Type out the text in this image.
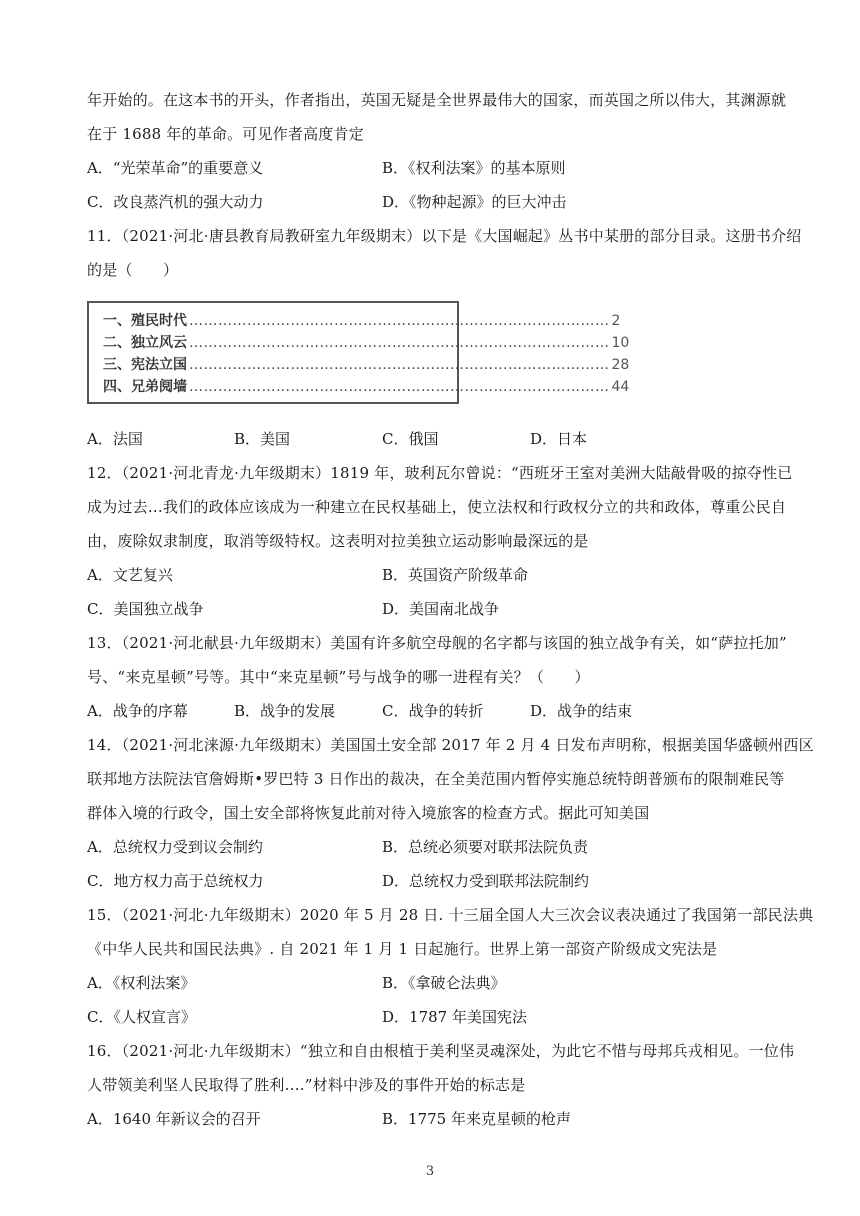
年开始的。在这本书的开头，作者指出，英国无疑是全世界最伟大的国家，而英国之所以伟大，其渊源就
在于 1688 年的革命。可见作者高度肯定
A．“光荣革命”的重要意义	B．《权利法案》的基本原则
C．改良蒸汽机的强大动力	D．《物种起源》的巨大冲击
11．（2021·河北·唐县教育局教研室九年级期末）以下是《大国崛起》丛书中某册的部分目录。这册书介绍
的是（　　）
一、殖民时代 …………………………………………………………………………… 2
二、独立风云 …………………………………………………………………………… 10
三、宪法立国 …………………………………………………………………………… 28
四、兄弟阋墙 …………………………………………………………………………… 44
A．法国	B．美国	C．俄国	D．日本
12．（2021·河北青龙·九年级期末）1819 年，玻利瓦尔曾说：“西班牙王室对美洲大陆敲骨吸的掠夺性已
成为过去…我们的政体应该成为一种建立在民权基础上，使立法权和行政权分立的共和政体，尊重公民自
由，废除奴隶制度，取消等级特权。这表明对拉美独立运动影响最深远的是
A．文艺复兴	B．英国资产阶级革命
C．美国独立战争	D．美国南北战争
13．（2021·河北献县·九年级期末）美国有许多航空母舰的名字都与该国的独立战争有关，如“萨拉托加”
号、“来克星顿”号等。其中“来克星顿”号与战争的哪一进程有关？（　　）
A．战争的序幕	B．战争的发展	C．战争的转折	D．战争的结束
14．（2021·河北涞源·九年级期末）美国国土安全部 2017 年 2 月 4 日发布声明称，根据美国华盛顿州西区
联邦地方法院法官詹姆斯•罗巴特 3 日作出的裁决，在全美范围内暂停实施总统特朗普颁布的限制难民等
群体入境的行政令，国土安全部将恢复此前对待入境旅客的检查方式。据此可知美国
A．总统权力受到议会制约	B．总统必须要对联邦法院负责
C．地方权力高于总统权力	D．总统权力受到联邦法院制约
15．（2021·河北·九年级期末）2020 年 5 月 28 日. 十三届全国人大三次会议表决通过了我国第一部民法典
《中华人民共和国民法典》. 自 2021 年 1 月 1 日起施行。世界上第一部资产阶级成文宪法是
A．《权利法案》	B．《拿破仑法典》
C．《人权宣言》	D．1787 年美国宪法
16．（2021·河北·九年级期末）“独立和自由根植于美利坚灵魂深处，为此它不惜与母邦兵戎相见。一位伟
人带领美利坚人民取得了胜利.…”材料中涉及的事件开始的标志是
A．1640 年新议会的召开	B．1775 年来克星顿的枪声
3
